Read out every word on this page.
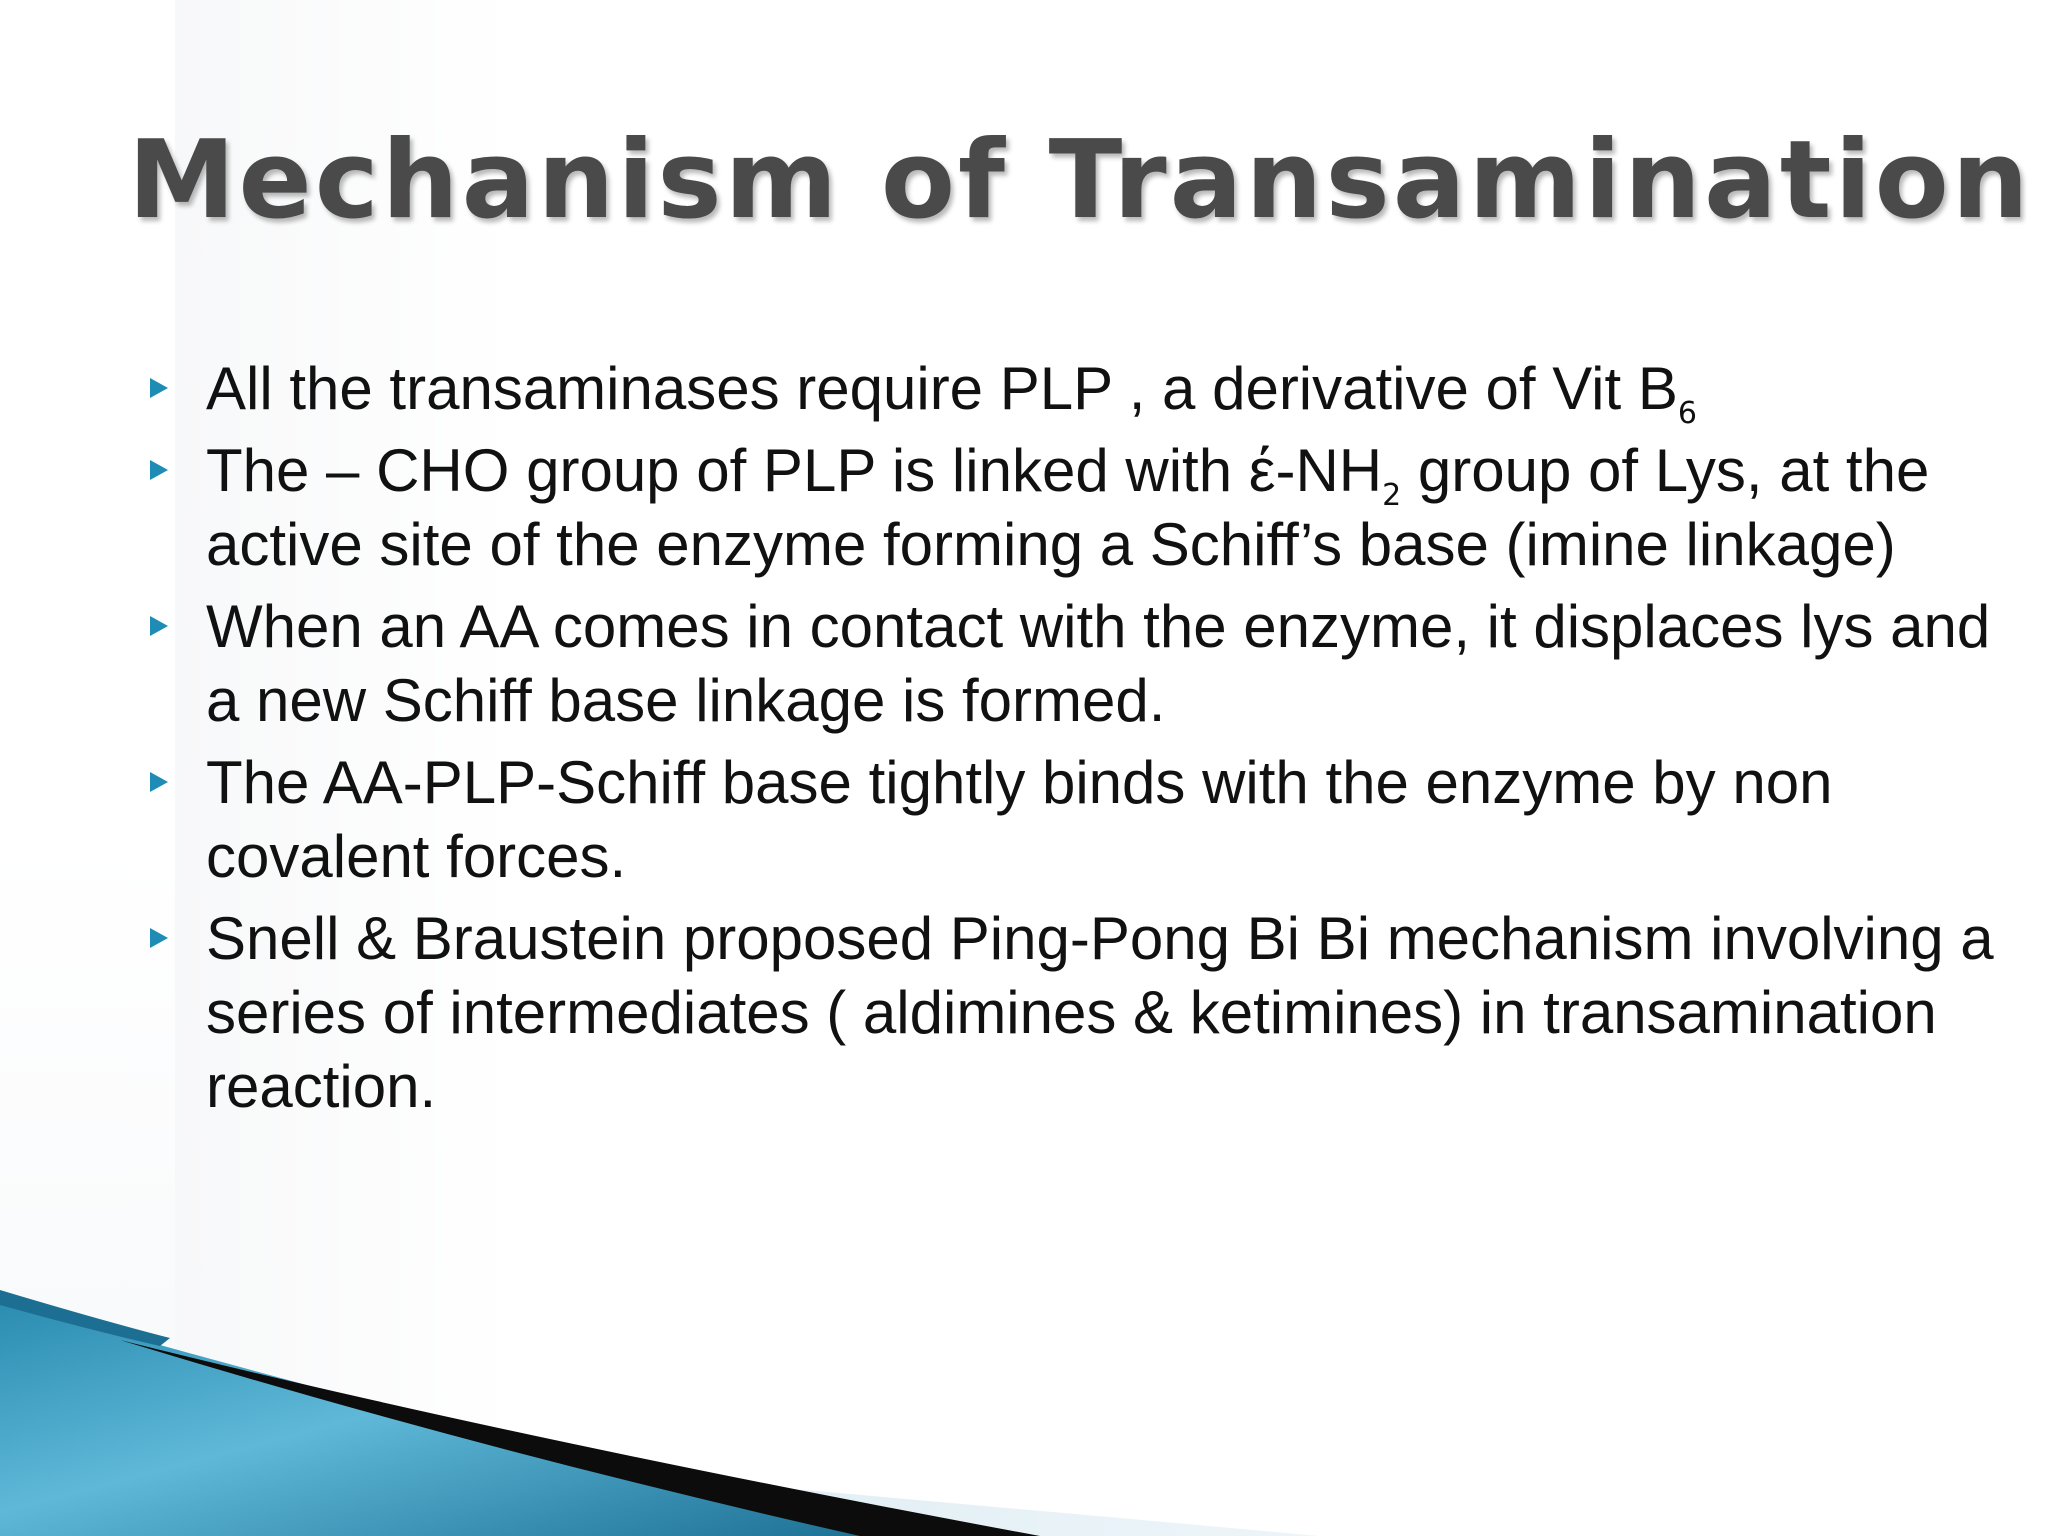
Mechanism of Transamination
All the transaminases require PLP , a derivative of Vit $B_6$
The – CHO group of PLP is linked with $έ-NH_2$ group of Lys, at the active site of the enzyme forming a Schiff’s base (imine linkage)
When an AA comes in contact with the enzyme, it displaces lys and a new Schiff base linkage is formed.
The AA-PLP-Schiff base tightly binds with the enzyme by non covalent forces.
Snell & Braustein proposed Ping-Pong Bi Bi mechanism involving a series of intermediates ( aldimines & ketimines) in transamination reaction.
